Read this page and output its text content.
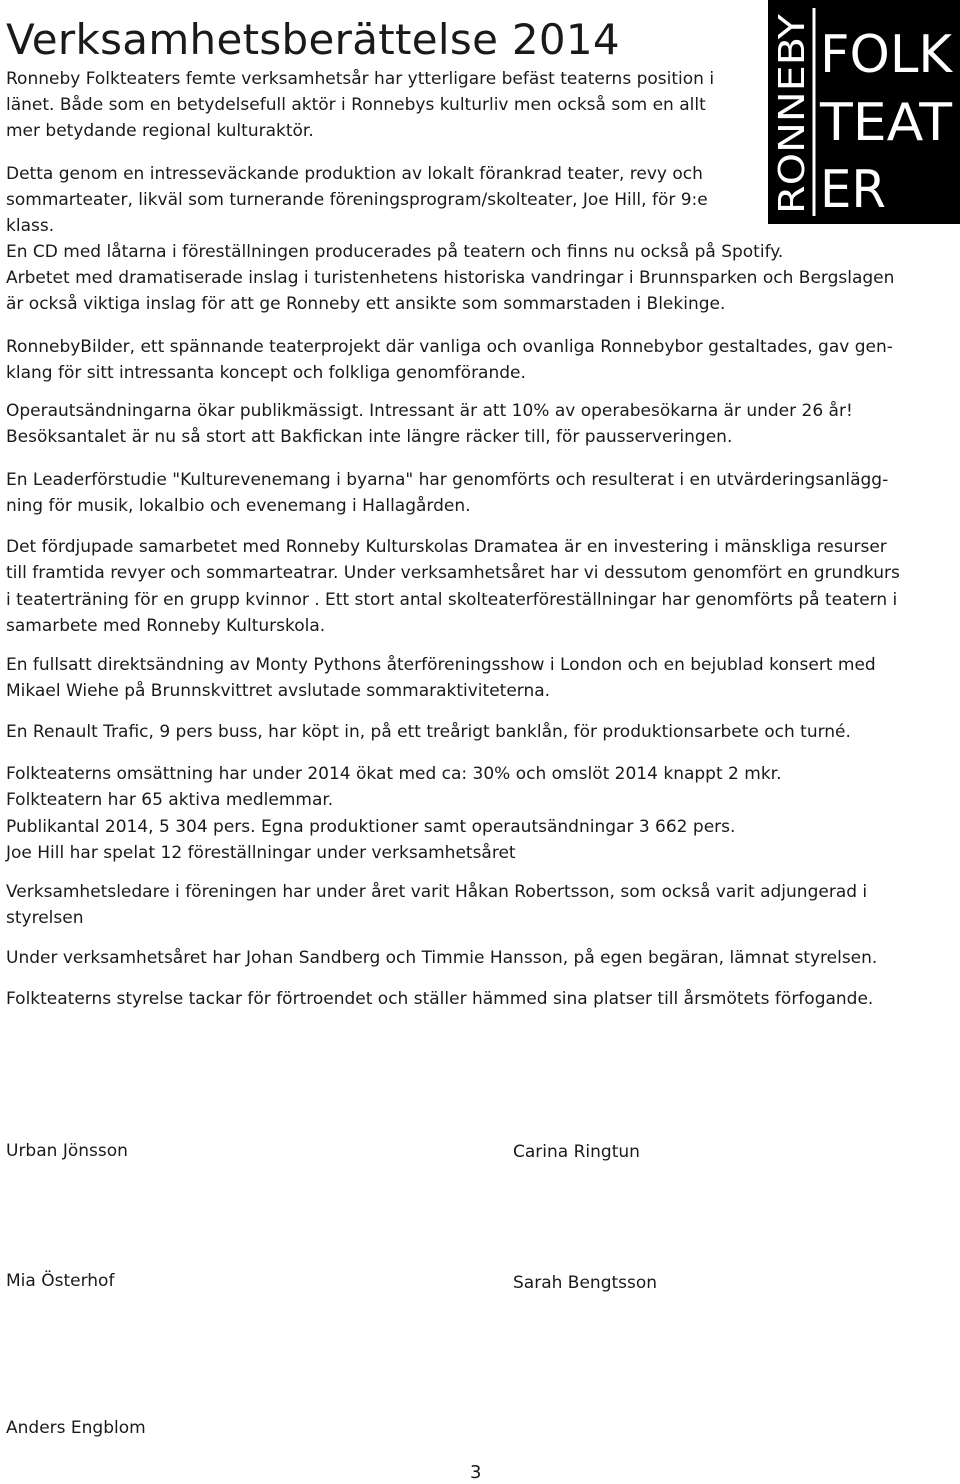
Verksamhetsberättelse 2014	RONNEBY FOLK
TEAT
ER

Ronneby Folkteaters femte verksamhetsår har ytterligare befäst teaterns position i

länet. Både som en betydelsefull aktör i Ronnebys kulturliv men också som en allt

mer betydande regional kulturaktör.

Detta genom en intresseväckande produktion av lokalt förankrad teater, revy och

sommarteater, likväl som turnerande föreningsprogram/skolteater, Joe Hill, för 9:e

klass.

En CD med låtarna i föreställningen producerades på teatern och finns nu också på Spotify.

Arbetet med dramatiserade inslag i turistenhetens historiska vandringar i Brunnsparken och Bergslagen

är också viktiga inslag för att ge Ronneby ett ansikte som sommarstaden i Blekinge.

RonnebyBilder, ett spännande teaterprojekt där vanliga och ovanliga Ronnebybor gestaltades, gav gen-

klang för sitt intressanta koncept och folkliga genomförande.

Operautsändningarna ökar publikmässigt. Intressant är att 10% av operabesökarna är under 26 år!

Besöksantalet är nu så stort att Bakfickan inte längre räcker till, för pausserveringen.

En Leaderförstudie "Kulturevenemang i byarna" har genomförts och resulterat i en utvärderingsanlägg-

ning för musik, lokalbio och evenemang i Hallagården.

Det fördjupade samarbetet med Ronneby Kulturskolas Dramatea är en investering i mänskliga resurser

till framtida revyer och sommarteatrar. Under verksamhetsåret har vi dessutom genomfört en grundkurs

i teaterträning för en grupp kvinnor . Ett stort antal skolteaterföreställningar har genomförts på teatern i

samarbete med Ronneby Kulturskola.

En fullsatt direktsändning av Monty Pythons återföreningsshow i London och en bejublad konsert med

Mikael Wiehe på Brunnskvittret avslutade sommaraktiviteterna.

En Renault Trafic, 9 pers buss, har köpt in, på ett treårigt banklån, för produktionsarbete och turné.

Folkteaterns omsättning har under 2014 ökat med ca: 30% och omslöt 2014 knappt 2 mkr.

Folkteatern har 65 aktiva medlemmar.

Publikantal 2014, 5 304 pers. Egna produktioner samt operautsändningar 3 662 pers.

Joe Hill har spelat 12 föreställningar under verksamhetsåret

Verksamhetsledare i föreningen har under året varit Håkan Robertsson, som också varit adjungerad i

styrelsen

Under verksamhetsåret har Johan Sandberg och Timmie Hansson, på egen begäran, lämnat styrelsen.

Folkteaterns styrelse tackar för förtroendet och ställer hämmed sina platser till årsmötets förfogande.

Urban Jönsson	Carina Ringtun

Mia Österhof	Sarah Bengtsson

Anders Engblom

3
